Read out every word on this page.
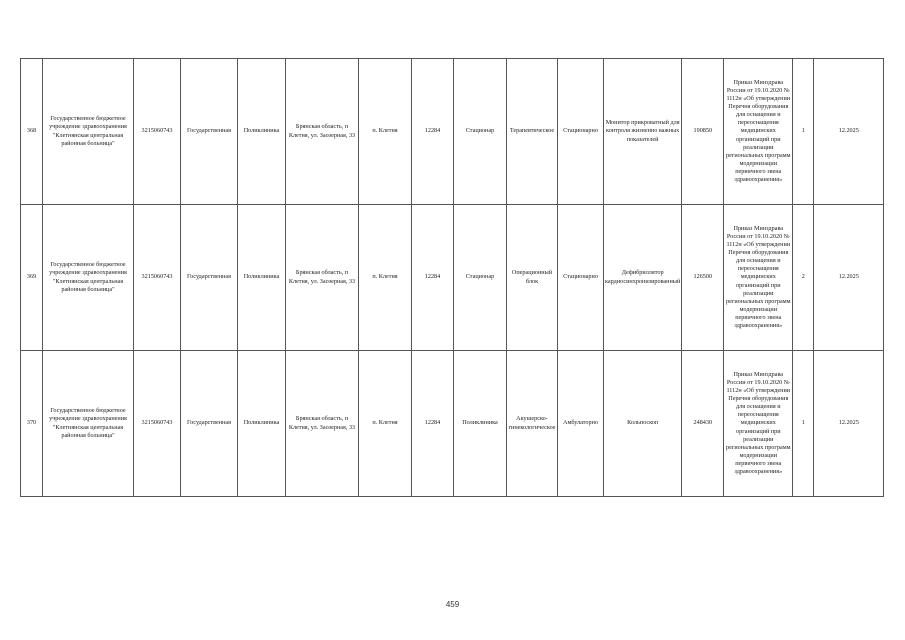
368	Государственное бюджетное учреждение здравоохранения "Клетнянская центральная районная больница"	3215060743	Государственная	Поликлиника	Брянская область, п Клетня, ул. Заозерная, 33	п. Клетня	12284	Стационар	Терапевтическое	Стационарно	Монитор прикроватный для контроля жизненно важных показателей	190850	Приказ Минздрава России от 19.10.2020 № 1112н «Об утверждении Перечня оборудования для оснащения и переоснащения медицинских организаций при реализации региональных программ модернизации первичного звена здравоохранения»	1	12.2025
369	Государственное бюджетное учреждение здравоохранения "Клетнянская центральная районная больница"	3215060743	Государственная	Поликлиника	Брянская область, п Клетня, ул. Заозерная, 33	п. Клетня	12284	Стационар	Операционный блок	Стационарно	Дефибриллятор кардиосинхронизированный	126500	Приказ Минздрава России от 19.10.2020 № 1112н «Об утверждении Перечня оборудования для оснащения и переоснащения медицинских организаций при реализации региональных программ модернизации первичного звена здравоохранения»	2	12.2025
370	Государственное бюджетное учреждение здравоохранения "Клетнянская центральная районная больница"	3215060743	Государственная	Поликлиника	Брянская область, п Клетня, ул. Заозерная, 33	п. Клетня	12284	Поликлиника	Акушерско-гинекологическое	Амбулаторно	Кольпоскоп	248430	Приказ Минздрава России от 19.10.2020 № 1112н «Об утверждении Перечня оборудования для оснащения и переоснащения медицинских организаций при реализации региональных программ модернизации первичного звена здравоохранения»	1	12.2025
459
